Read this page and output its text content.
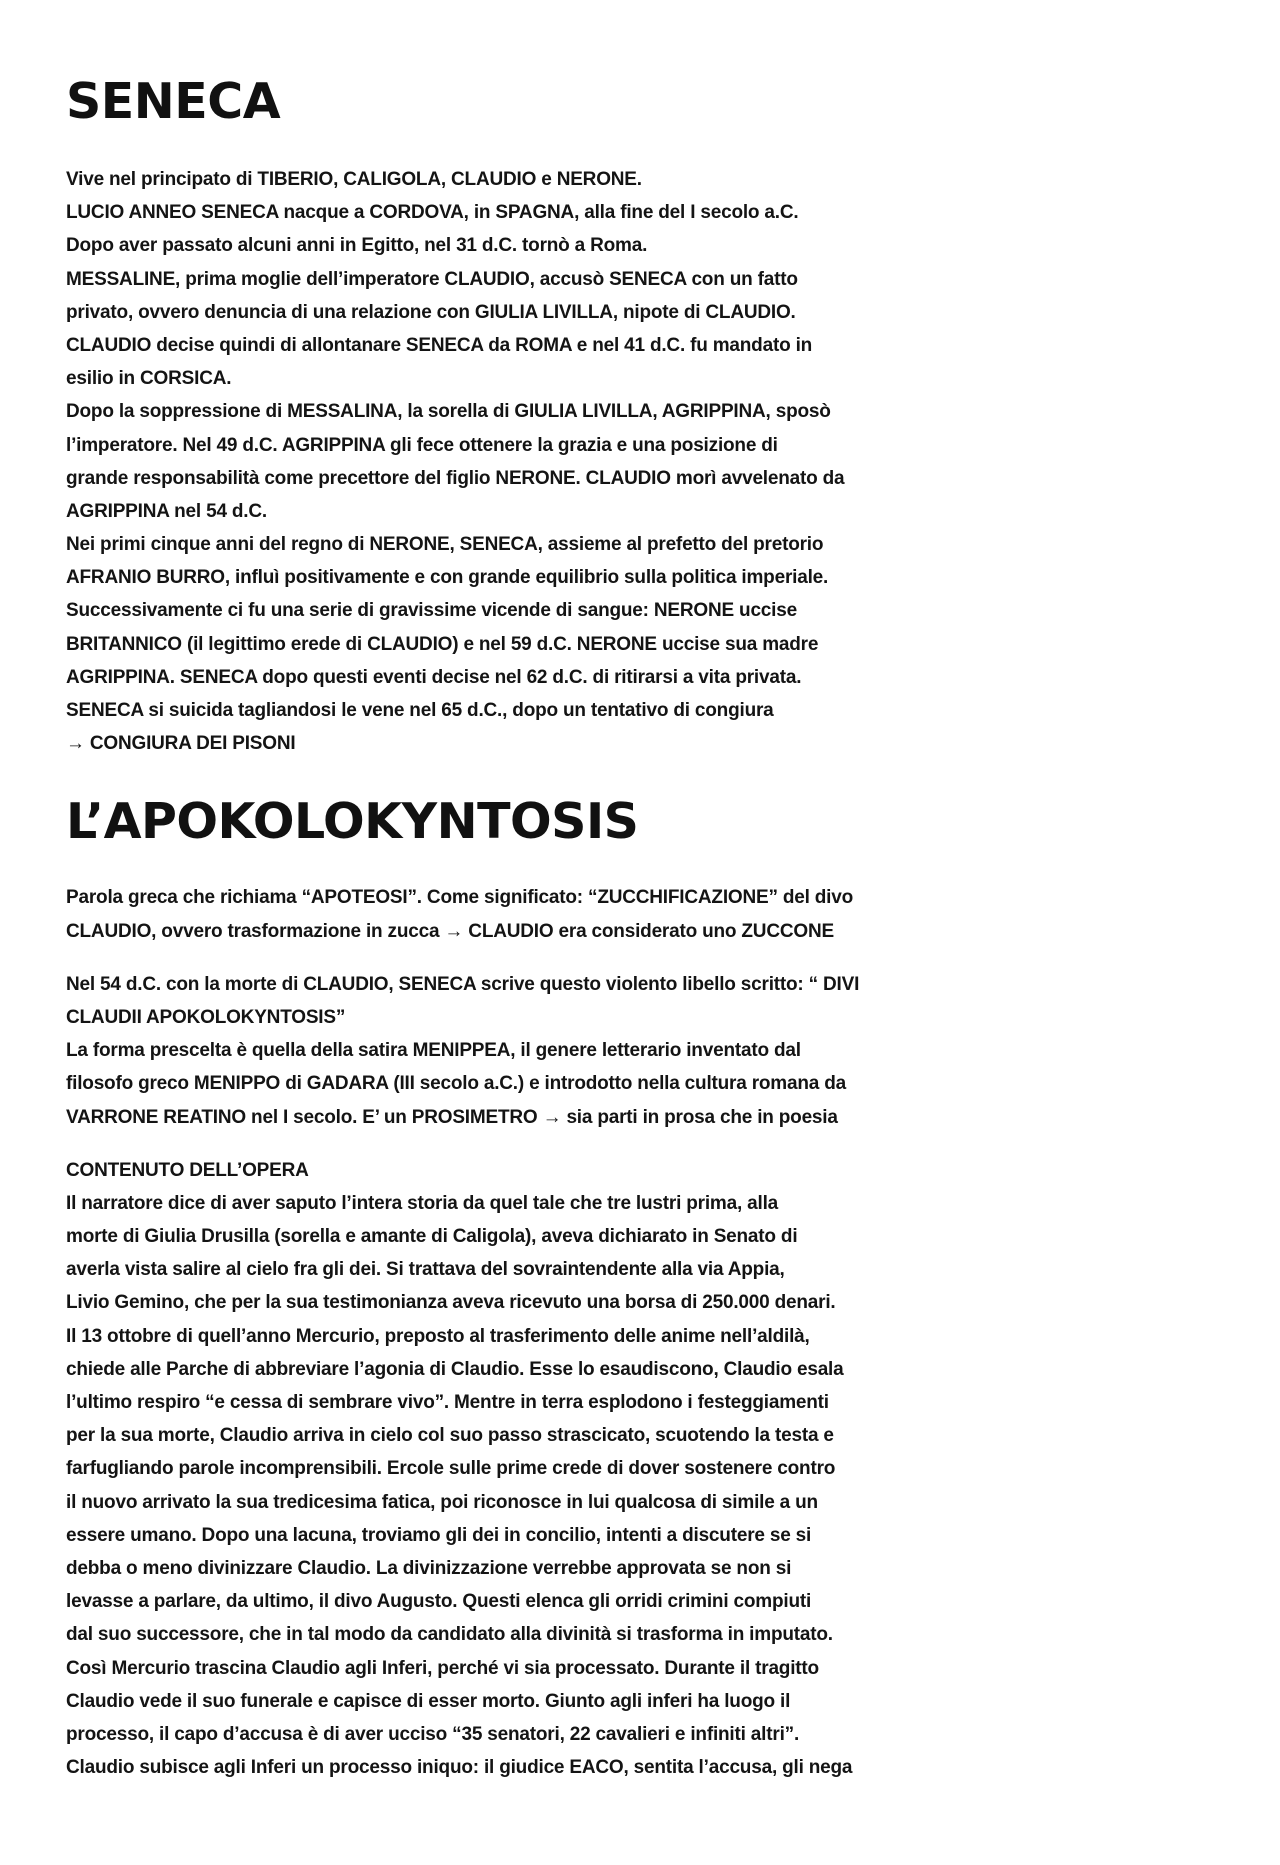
SENECA
Vive nel principato di TIBERIO, CALIGOLA, CLAUDIO e NERONE.
LUCIO ANNEO SENECA nacque a CORDOVA, in SPAGNA, alla fine del I secolo a.C.
Dopo aver passato alcuni anni in Egitto, nel 31 d.C. tornò a Roma.
MESSALINE, prima moglie dell’imperatore CLAUDIO, accusò SENECA con un fatto
privato, ovvero denuncia di una relazione con GIULIA LIVILLA, nipote di CLAUDIO.
CLAUDIO decise quindi di allontanare SENECA da ROMA e nel 41 d.C. fu mandato in
esilio in CORSICA.
Dopo la soppressione di MESSALINA, la sorella di GIULIA LIVILLA, AGRIPPINA, sposò
l’imperatore. Nel 49 d.C. AGRIPPINA gli fece ottenere la grazia e una posizione di
grande responsabilità come precettore del figlio NERONE. CLAUDIO morì avvelenato da
AGRIPPINA nel 54 d.C.
Nei primi cinque anni del regno di NERONE, SENECA, assieme al prefetto del pretorio
AFRANIO BURRO, influì positivamente e con grande equilibrio sulla politica imperiale.
Successivamente ci fu una serie di gravissime vicende di sangue: NERONE uccise
BRITANNICO (il legittimo erede di CLAUDIO) e nel 59 d.C. NERONE uccise sua madre
AGRIPPINA. SENECA dopo questi eventi decise nel 62 d.C. di ritirarsi a vita privata.
SENECA si suicida tagliandosi le vene nel 65 d.C., dopo un tentativo di congiura
→ CONGIURA DEI PISONI
L’APOKOLOKYNTOSIS
Parola greca che richiama “APOTEOSI”. Come significato: “ZUCCHIFICAZIONE” del divo
CLAUDIO, ovvero trasformazione in zucca → CLAUDIO era considerato uno ZUCCONE
Nel 54 d.C. con la morte di CLAUDIO, SENECA scrive questo violento libello scritto: “ DIVI
CLAUDII APOKOLOKYNTOSIS”
La forma prescelta è quella della satira MENIPPEA, il genere letterario inventato dal
filosofo greco MENIPPO di GADARA (III secolo a.C.) e introdotto nella cultura romana da
VARRONE REATINO nel I secolo. E’ un PROSIMETRO → sia parti in prosa che in poesia
CONTENUTO DELL’OPERA
Il narratore dice di aver saputo l’intera storia da quel tale che tre lustri prima, alla
morte di Giulia Drusilla (sorella e amante di Caligola), aveva dichiarato in Senato di
averla vista salire al cielo fra gli dei. Si trattava del sovraintendente alla via Appia,
Livio Gemino, che per la sua testimonianza aveva ricevuto una borsa di 250.000 denari.
Il 13 ottobre di quell’anno Mercurio, preposto al trasferimento delle anime nell’aldilà,
chiede alle Parche di abbreviare l’agonia di Claudio. Esse lo esaudiscono, Claudio esala
l’ultimo respiro “e cessa di sembrare vivo”. Mentre in terra esplodono i festeggiamenti
per la sua morte, Claudio arriva in cielo col suo passo strascicato, scuotendo la testa e
farfugliando parole incomprensibili. Ercole sulle prime crede di dover sostenere contro
il nuovo arrivato la sua tredicesima fatica, poi riconosce in lui qualcosa di simile a un
essere umano. Dopo una lacuna, troviamo gli dei in concilio, intenti a discutere se si
debba o meno divinizzare Claudio. La divinizzazione verrebbe approvata se non si
levasse a parlare, da ultimo, il divo Augusto. Questi elenca gli orridi crimini compiuti
dal suo successore, che in tal modo da candidato alla divinità si trasforma in imputato.
Così Mercurio trascina Claudio agli Inferi, perché vi sia processato. Durante il tragitto
Claudio vede il suo funerale e capisce di esser morto. Giunto agli inferi ha luogo il
processo, il capo d’accusa è di aver ucciso “35 senatori, 22 cavalieri e infiniti altri”.
Claudio subisce agli Inferi un processo iniquo: il giudice EACO, sentita l’accusa, gli nega
